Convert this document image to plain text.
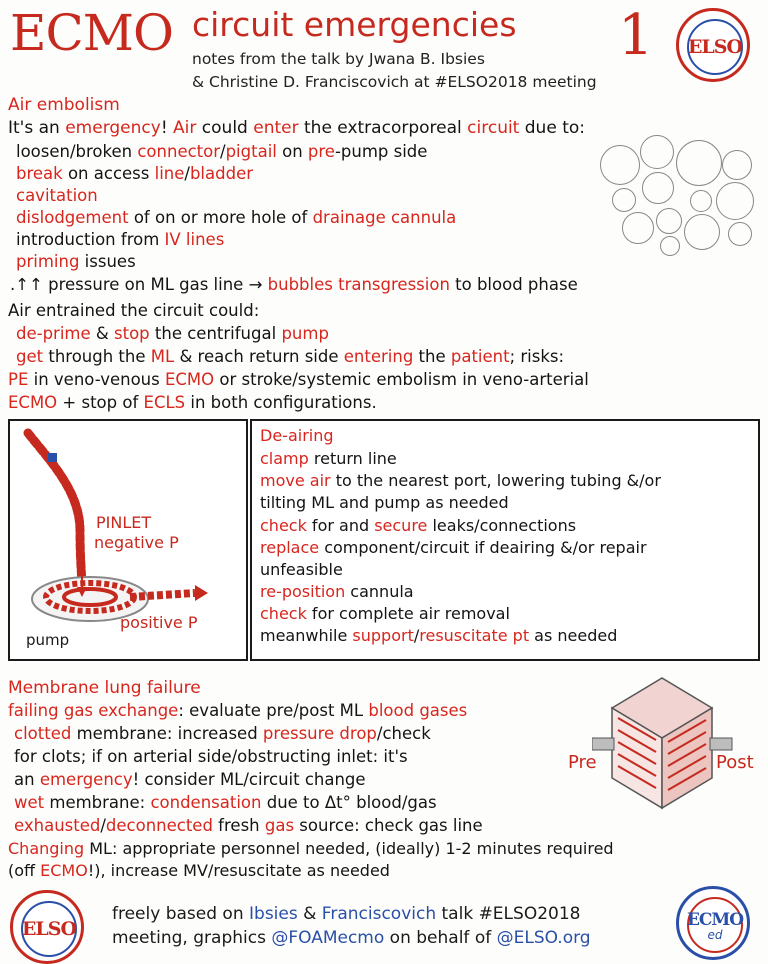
ECMO circuit emergencies
notes from the talk by Jwana B. Ibsies
& Christine D. Franciscovich at #ELSO2018 meeting
1 ELSO
Air embolism
It's an emergency! Air could enter the extracorporeal circuit due to:
loosen/broken connector/pigtail on pre-pump side
break on access line/bladder
cavitation
dislodgement of on or more hole of drainage cannula
introduction from IV lines
priming issues
.↑↑ pressure on ML gas line → bubbles transgression to blood phase
Air entrained the circuit could:
de-prime & stop the centrifugal pump
get through the ML & reach return side entering the patient; risks:
PE in veno-venous ECMO or stroke/systemic embolism in veno-arterial
ECMO + stop of ECLS in both configurations.
PINLET
negative P
positive P
pump
De-airing
clamp return line
move air to the nearest port, lowering tubing &/or
tilting ML and pump as needed
check for and secure leaks/connections
replace component/circuit if deairing &/or repair
unfeasible
re-position cannula
check for complete air removal
meanwhile support/resuscitate pt as needed
Membrane lung failure
failing gas exchange: evaluate pre/post ML blood gases
clotted membrane: increased pressure drop/check
for clots; if on arterial side/obstructing inlet: it's
an emergency! consider ML/circuit change
wet membrane: condensation due to Δt° blood/gas
exhausted/deconnected fresh gas source: check gas line
Changing ML: appropriate personnel needed, (ideally) 1-2 minutes required
(off ECMO!), increase MV/resuscitate as needed
Pre	Post
ELSO
freely based on Ibsies & Franciscovich talk #ELSO2018
meeting, graphics @FOAMecmo on behalf of @ELSO.org
ECMO
ed
